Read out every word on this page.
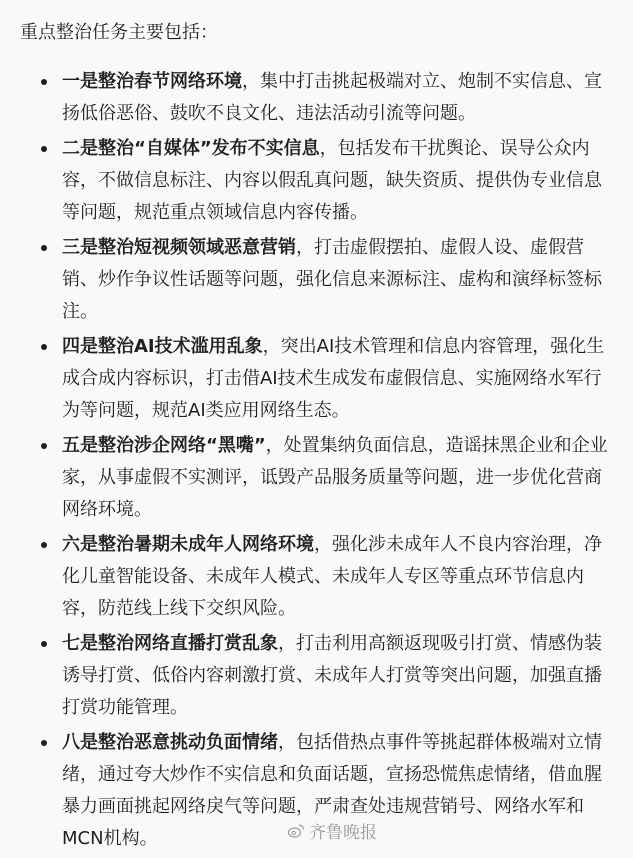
重点整治任务主要包括：

一是整治春节网络环境，集中打击挑起极端对立、炮制不实信息、宣扬低俗恶俗、鼓吹不良文化、违法活动引流等问题。
二是整治“自媒体”发布不实信息，包括发布干扰舆论、误导公众内容，不做信息标注、内容以假乱真问题，缺失资质、提供伪专业信息等问题，规范重点领域信息内容传播。
三是整治短视频领域恶意营销，打击虚假摆拍、虚假人设、虚假营销、炒作争议性话题等问题，强化信息来源标注、虚构和演绎标签标注。
四是整治AI技术滥用乱象，突出AI技术管理和信息内容管理，强化生成合成内容标识，打击借AI技术生成发布虚假信息、实施网络水军行为等问题，规范AI类应用网络生态。
五是整治涉企网络“黑嘴”，处置集纳负面信息，造谣抹黑企业和企业家，从事虚假不实测评，诋毁产品服务质量等问题，进一步优化营商网络环境。
六是整治暑期未成年人网络环境，强化涉未成年人不良内容治理，净化儿童智能设备、未成年人模式、未成年人专区等重点环节信息内容，防范线上线下交织风险。
七是整治网络直播打赏乱象，打击利用高额返现吸引打赏、情感伪装诱导打赏、低俗内容刺激打赏、未成年人打赏等突出问题，加强直播打赏功能管理。
八是整治恶意挑动负面情绪，包括借热点事件等挑起群体极端对立情绪，通过夸大炒作不实信息和负面话题，宣扬恐慌焦虑情绪，借血腥暴力画面挑起网络戾气等问题，严肃查处违规营销号、网络水军和MCN机构。	齐鲁晚报
